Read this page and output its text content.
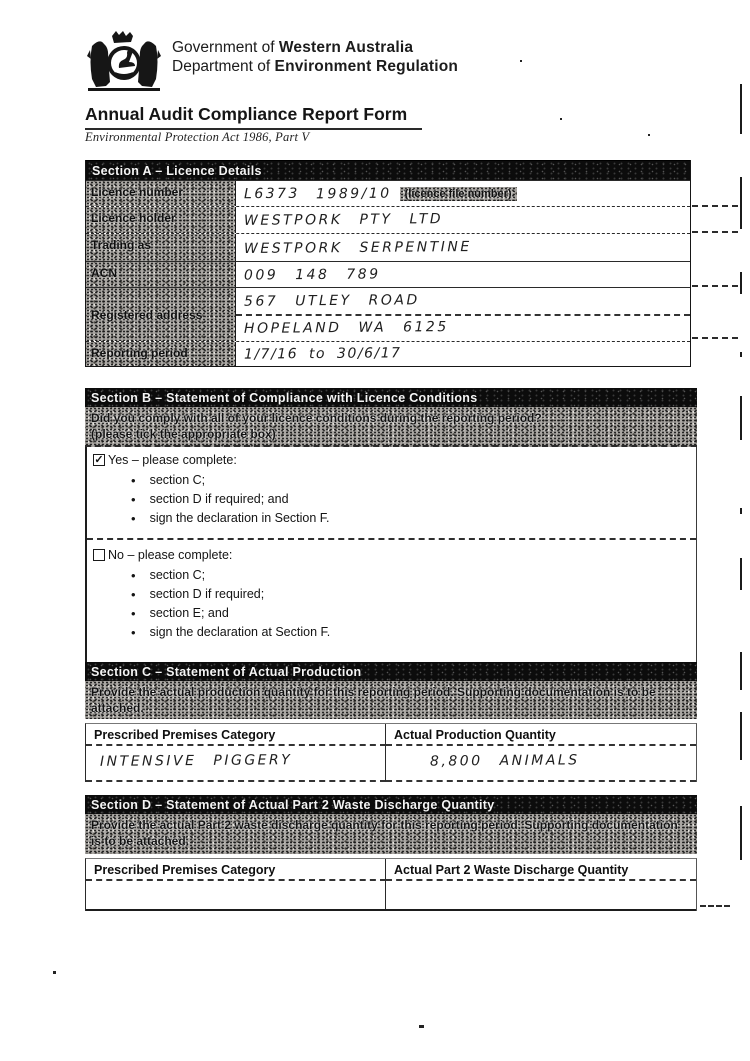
Government of Western Australia
Department of Environment Regulation
Annual Audit Compliance Report Form
Environmental Protection Act 1986, Part V
Section A – Licence Details
Licence number	L6373 1989/10	(licence file number)
Licence holder	WESTPORK PTY LTD
Trading as	WESTPORK SERPENTINE
ACN	009 148 789
Registered address
567 UTLEY ROAD
HOPELAND WA 6125
Reporting period	1/7/16 to 30/6/17
Section B – Statement of Compliance with Licence Conditions
Did you comply with all of your licence conditions during the reporting period?
(please tick the appropriate box)
✓ Yes – please complete:
• section C;
• section D if required; and
• sign the declaration in Section F.
No – please complete:
• section C;
• section D if required;
• section E; and
• sign the declaration at Section F.
Section C – Statement of Actual Production
Provide the actual production quantity for this reporting period. Supporting documentation is to be attached.
Prescribed Premises Category	Actual Production Quantity
INTENSIVE PIGGERY	8,800 ANIMALS
Section D – Statement of Actual Part 2 Waste Discharge Quantity
Provide the actual Part 2 waste discharge quantity for this reporting period. Supporting documentation is to be attached.
Prescribed Premises Category	Actual Part 2 Waste Discharge Quantity
